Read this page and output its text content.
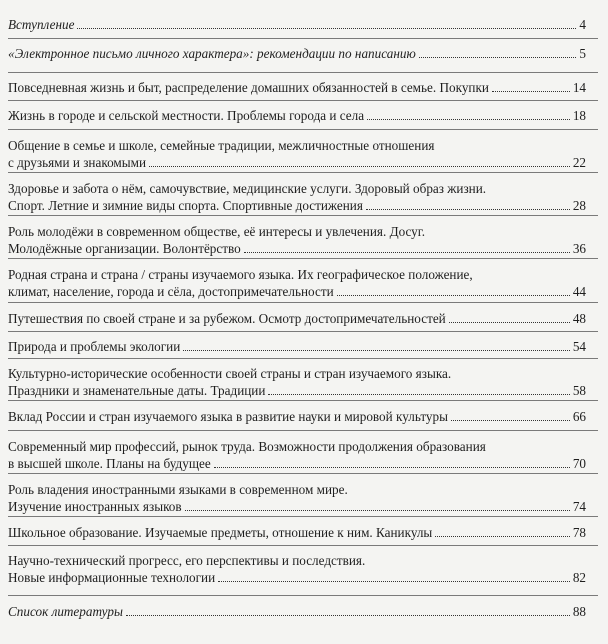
Вступление	4
«Электронное письмо личного характера»: рекомендации по написанию	5
Повседневная жизнь и быт, распределение домашних обязанностей в семье. Покупки	14
Жизнь в городе и сельской местности. Проблемы города и села	18
Общение в семье и школе, семейные традиции, межличностные отношения
с друзьями и знакомыми	22
Здоровье и забота о нём, самочувствие, медицинские услуги. Здоровый образ жизни.
Спорт. Летние и зимние виды спорта. Спортивные достижения	28
Роль молодёжи в современном обществе, её интересы и увлечения. Досуг.
Молодёжные организации. Волонтёрство	36
Родная страна и страна / страны изучаемого языка. Их географическое положение,
климат, население, города и сёла, достопримечательности	44
Путешествия по своей стране и за рубежом. Осмотр достопримечательностей	48
Природа и проблемы экологии	54
Культурно-исторические особенности своей страны и стран изучаемого языка.
Праздники и знаменательные даты. Традиции	58
Вклад России и стран изучаемого языка в развитие науки и мировой культуры	66
Современный мир профессий, рынок труда. Возможности продолжения образования
в высшей школе. Планы на будущее	70
Роль владения иностранными языками в современном мире.
Изучение иностранных языков	74
Школьное образование. Изучаемые предметы, отношение к ним. Каникулы	78
Научно-технический прогресс, его перспективы и последствия.
Новые информационные технологии	82
Список литературы	88
